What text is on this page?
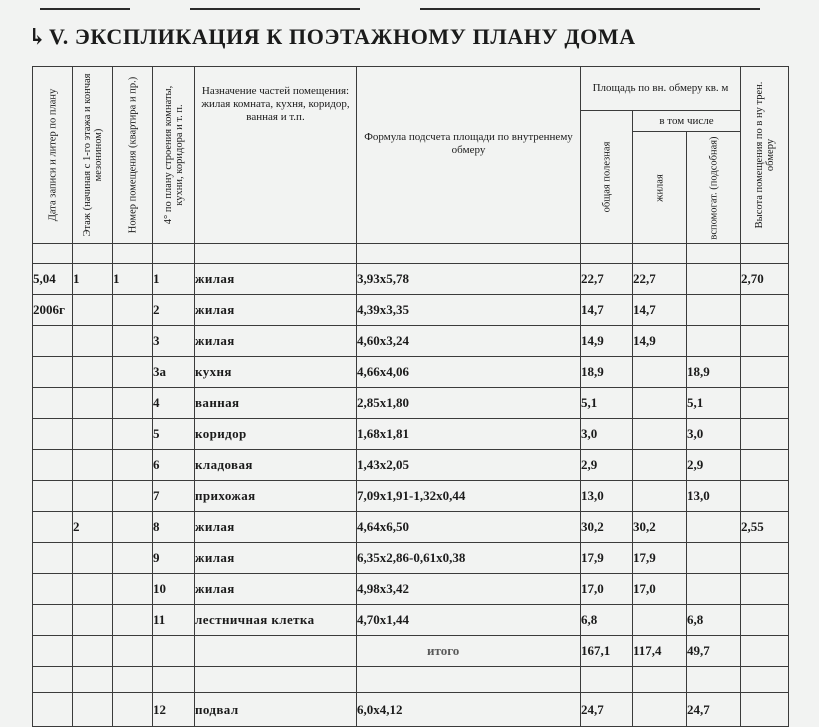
↳V. ЭКСПЛИКАЦИЯ К ПОЭТАЖНОМУ ПЛАНУ ДОМА
Дата записи и литер по плану	Этаж (начиная с 1-го этажа и кончая мезонином)	Номер помещения (квартира и пр.)	4° по плану строения комнаты, кухни, коридора и т. п.	Назначение частей помещения: жилая комната, кухня, коридор, ванная и т.п.	Формула подсчета площади по внутреннему обмеру	Площадь по вн. обмеру кв. м			Высота помещения по в ну трен. обмеру

						общая полезная	в том числе		

							жилая	вспомогат. (подсобная)	

5,04	1	1	1	жилая	3,93х5,78	22,7	22,7		2,70
2006г			2	жилая	4,39х3,35	14,7	14,7		
			3	жилая	4,60х3,24	14,9	14,9		
			3а	кухня	4,66х4,06	18,9		18,9	
			4	ванная	2,85х1,80	5,1		5,1	
			5	коридор	1,68х1,81	3,0		3,0	
			6	кладовая	1,43х2,05	2,9		2,9	
			7	прихожая	7,09х1,91-1,32х0,44	13,0		13,0	
	2		8	жилая	4,64х6,50	30,2	30,2		2,55
			9	жилая	6,35х2,86-0,61х0,38	17,9	17,9		
			10	жилая	4,98х3,42	17,0	17,0		
			11	лестничная клетка	4,70х1,44	6,8		6,8	
					итого	167,1	117,4	49,7	

			12	подвал	6,0х4,12	24,7		24,7	
